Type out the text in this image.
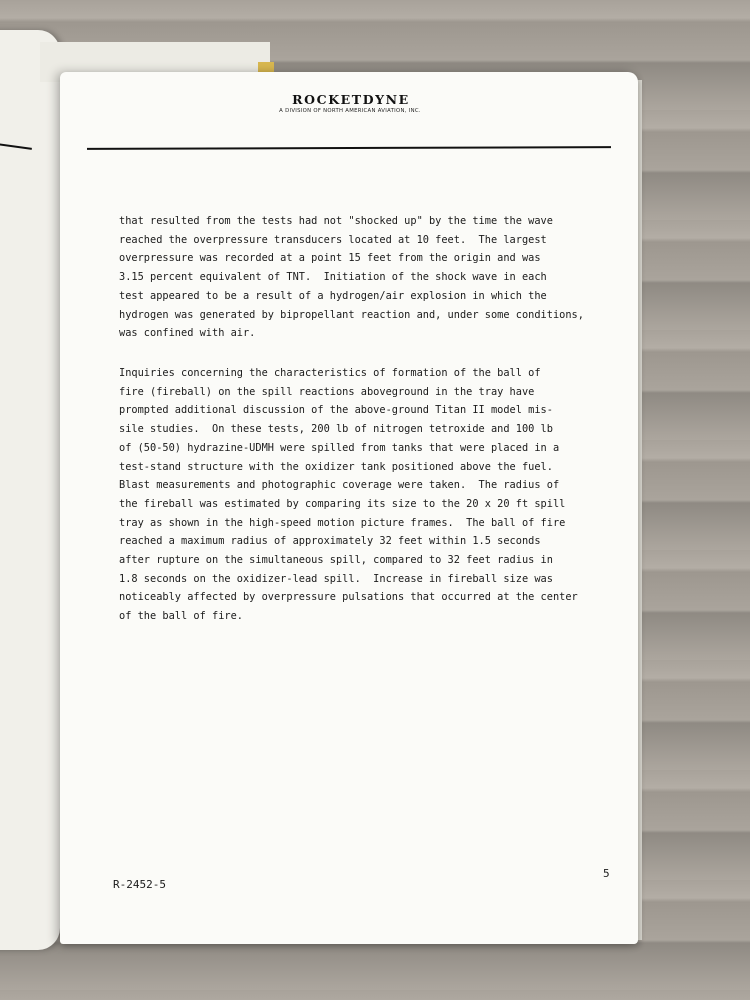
ROCKETDYNE
A DIVISION OF NORTH AMERICAN AVIATION, INC.
that resulted from the tests had not "shocked up" by the time the wave
reached the overpressure transducers located at 10 feet.  The largest
overpressure was recorded at a point 15 feet from the origin and was
3.15 percent equivalent of TNT.  Initiation of the shock wave in each
test appeared to be a result of a hydrogen/air explosion in which the
hydrogen was generated by bipropellant reaction and, under some conditions,
was confined with air.
Inquiries concerning the characteristics of formation of the ball of
fire (fireball) on the spill reactions aboveground in the tray have
prompted additional discussion of the above-ground Titan II model mis-
sile studies.  On these tests, 200 lb of nitrogen tetroxide and 100 lb
of (50-50) hydrazine-UDMH were spilled from tanks that were placed in a
test-stand structure with the oxidizer tank positioned above the fuel.
Blast measurements and photographic coverage were taken.  The radius of
the fireball was estimated by comparing its size to the 20 x 20 ft spill
tray as shown in the high-speed motion picture frames.  The ball of fire
reached a maximum radius of approximately 32 feet within 1.5 seconds
after rupture on the simultaneous spill, compared to 32 feet radius in
1.8 seconds on the oxidizer-lead spill.  Increase in fireball size was
noticeably affected by overpressure pulsations that occurred at the center
of the ball of fire.
R-2452-5
5
